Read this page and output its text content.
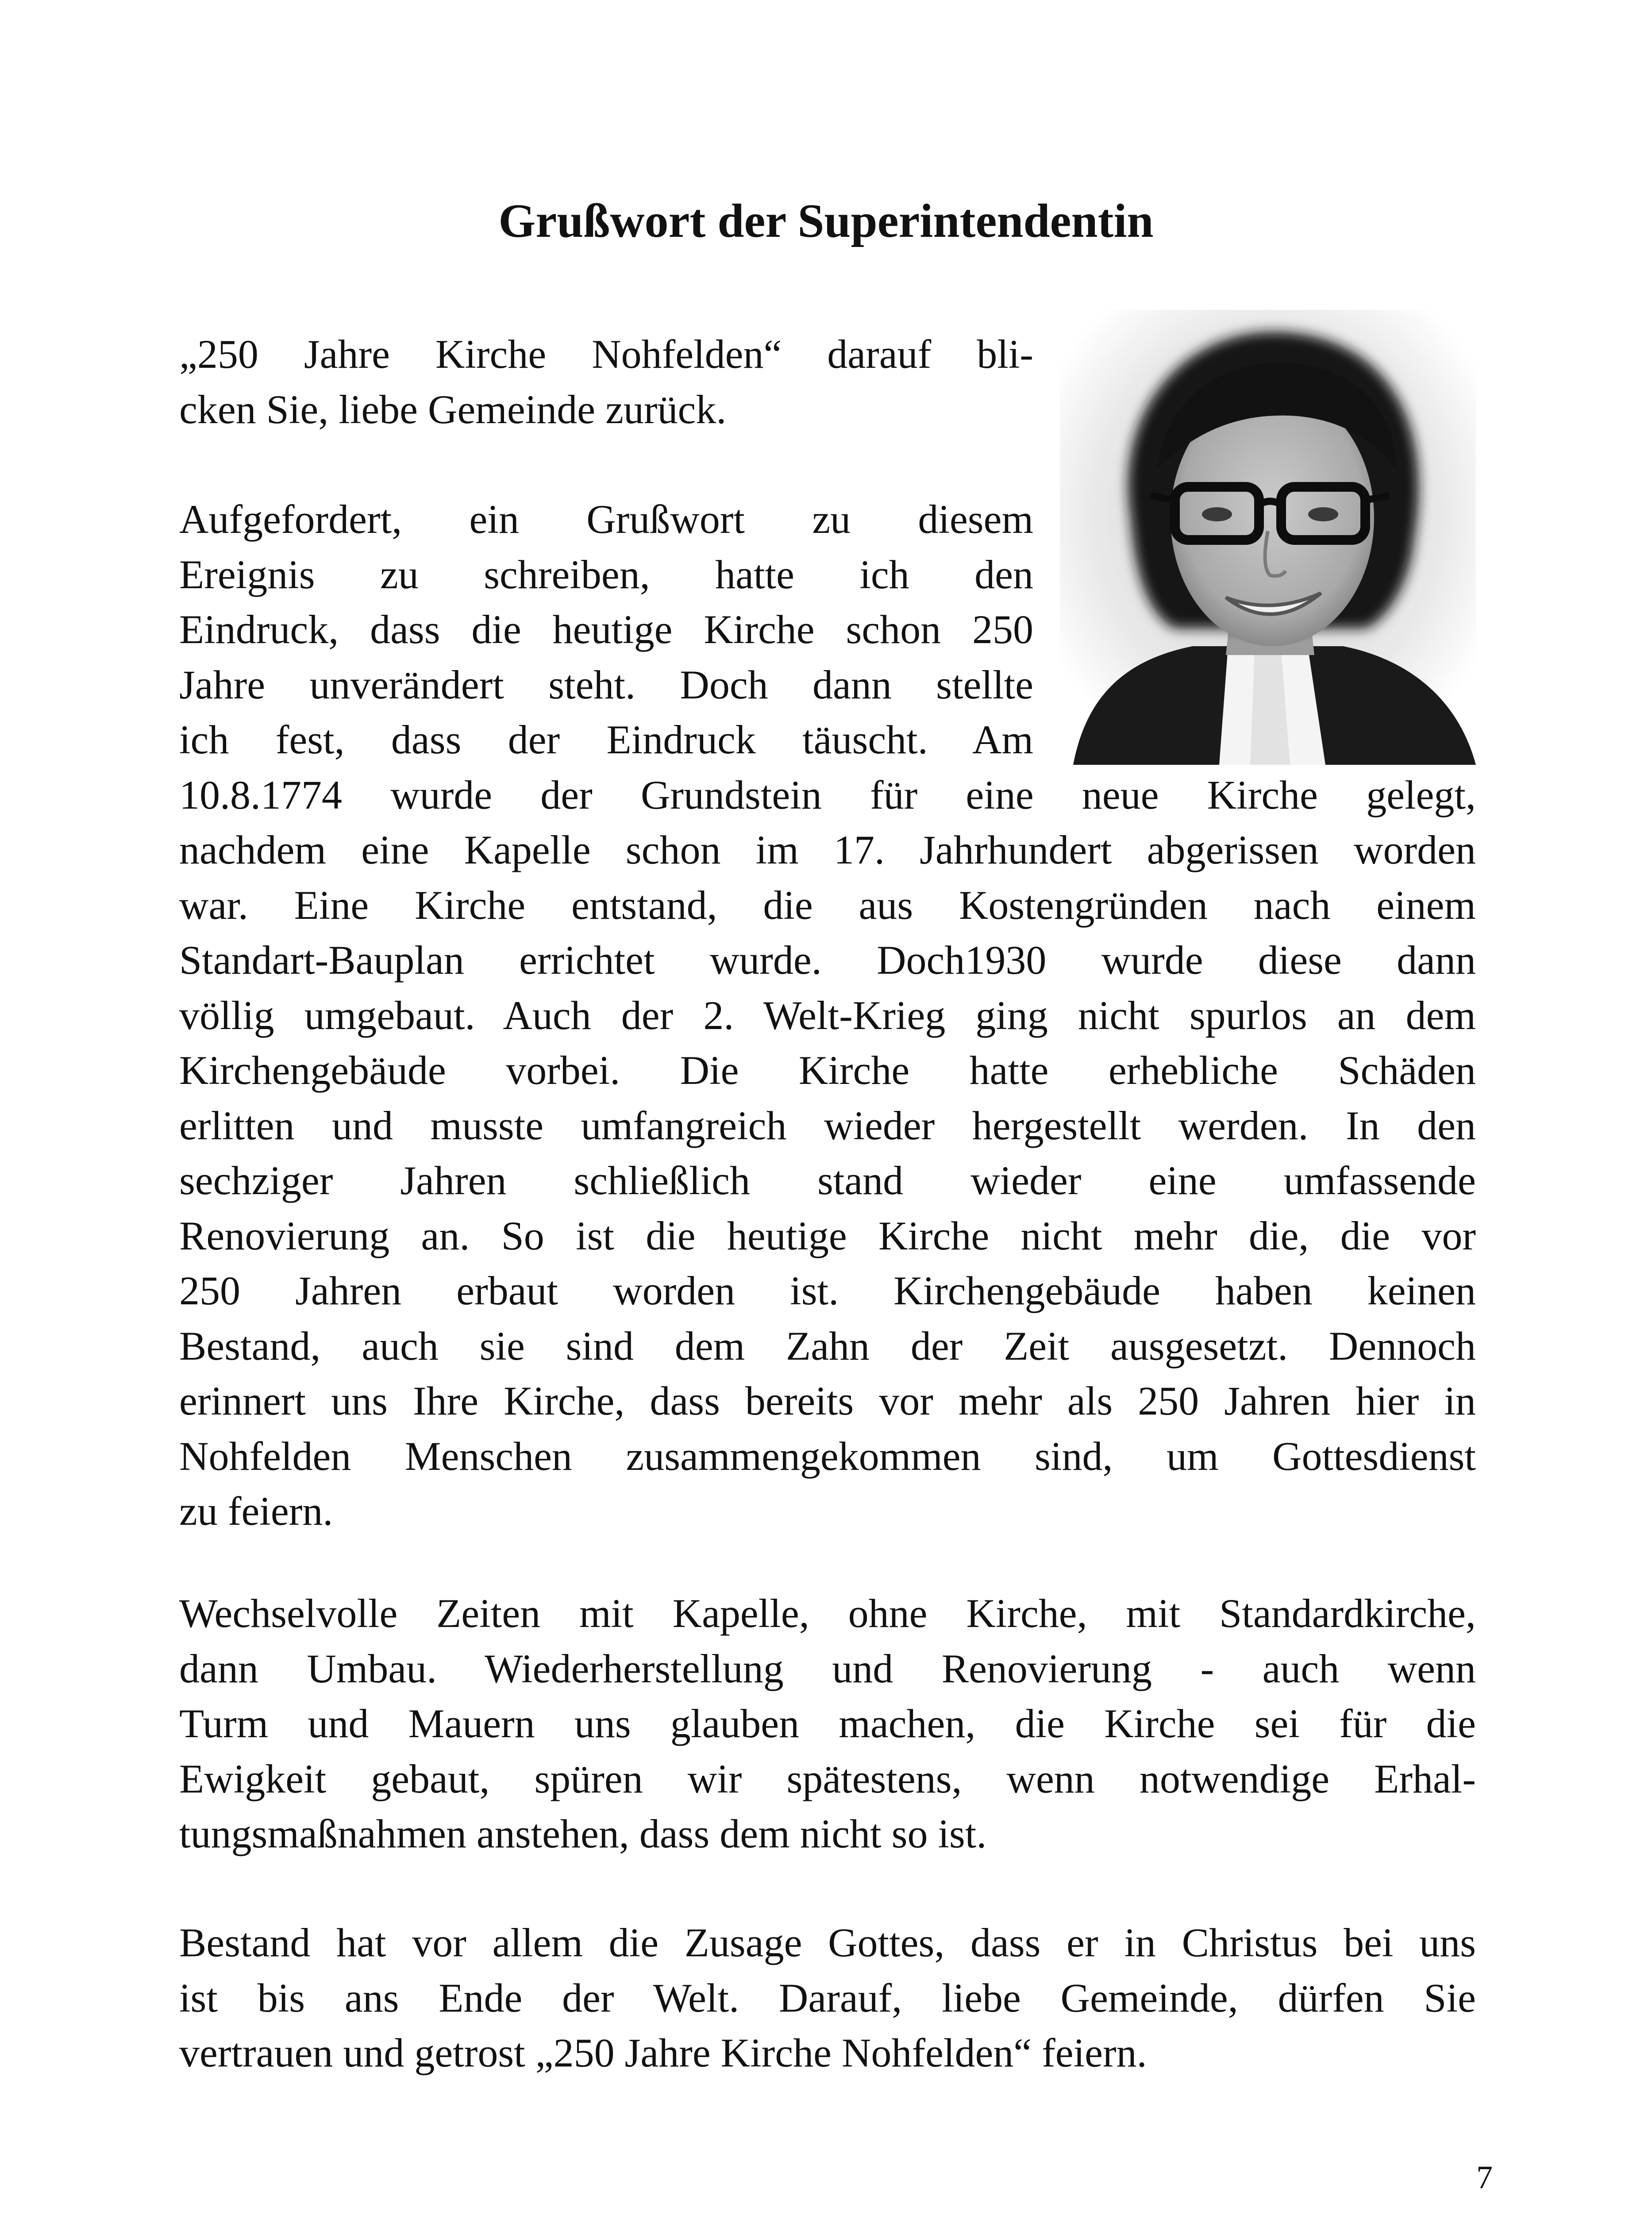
Grußwort der Superintendentin
„250 Jahre Kirche Nohfelden“ darauf bli-
cken Sie, liebe Gemeinde zurück.
Aufgefordert, ein Grußwort zu diesem
Ereignis zu schreiben, hatte ich den
Eindruck, dass die heutige Kirche schon 250
Jahre unverändert steht. Doch dann stellte
ich fest, dass der Eindruck täuscht. Am
10.8.1774 wurde der Grundstein für eine neue Kirche gelegt,
nachdem eine Kapelle schon im 17. Jahrhundert abgerissen worden
war. Eine Kirche entstand, die aus Kostengründen nach einem
Standart-Bauplan errichtet wurde. Doch1930 wurde diese dann
völlig umgebaut. Auch der 2. Welt-Krieg ging nicht spurlos an dem
Kirchengebäude vorbei. Die Kirche hatte erhebliche Schäden
erlitten und musste umfangreich wieder hergestellt werden. In den
sechziger Jahren schließlich stand wieder eine umfassende
Renovierung an. So ist die heutige Kirche nicht mehr die, die vor
250 Jahren erbaut worden ist. Kirchengebäude haben keinen
Bestand, auch sie sind dem Zahn der Zeit ausgesetzt. Dennoch
erinnert uns Ihre Kirche, dass bereits vor mehr als 250 Jahren hier in
Nohfelden Menschen zusammengekommen sind, um Gottesdienst
zu feiern.
Wechselvolle Zeiten mit Kapelle, ohne Kirche, mit Standardkirche,
dann Umbau. Wiederherstellung und Renovierung - auch wenn
Turm und Mauern uns glauben machen, die Kirche sei für die
Ewigkeit gebaut, spüren wir spätestens, wenn notwendige Erhal-
tungsmaßnahmen anstehen, dass dem nicht so ist.
Bestand hat vor allem die Zusage Gottes, dass er in Christus bei uns
ist bis ans Ende der Welt. Darauf, liebe Gemeinde, dürfen Sie
vertrauen und getrost „250 Jahre Kirche Nohfelden“ feiern.
7
